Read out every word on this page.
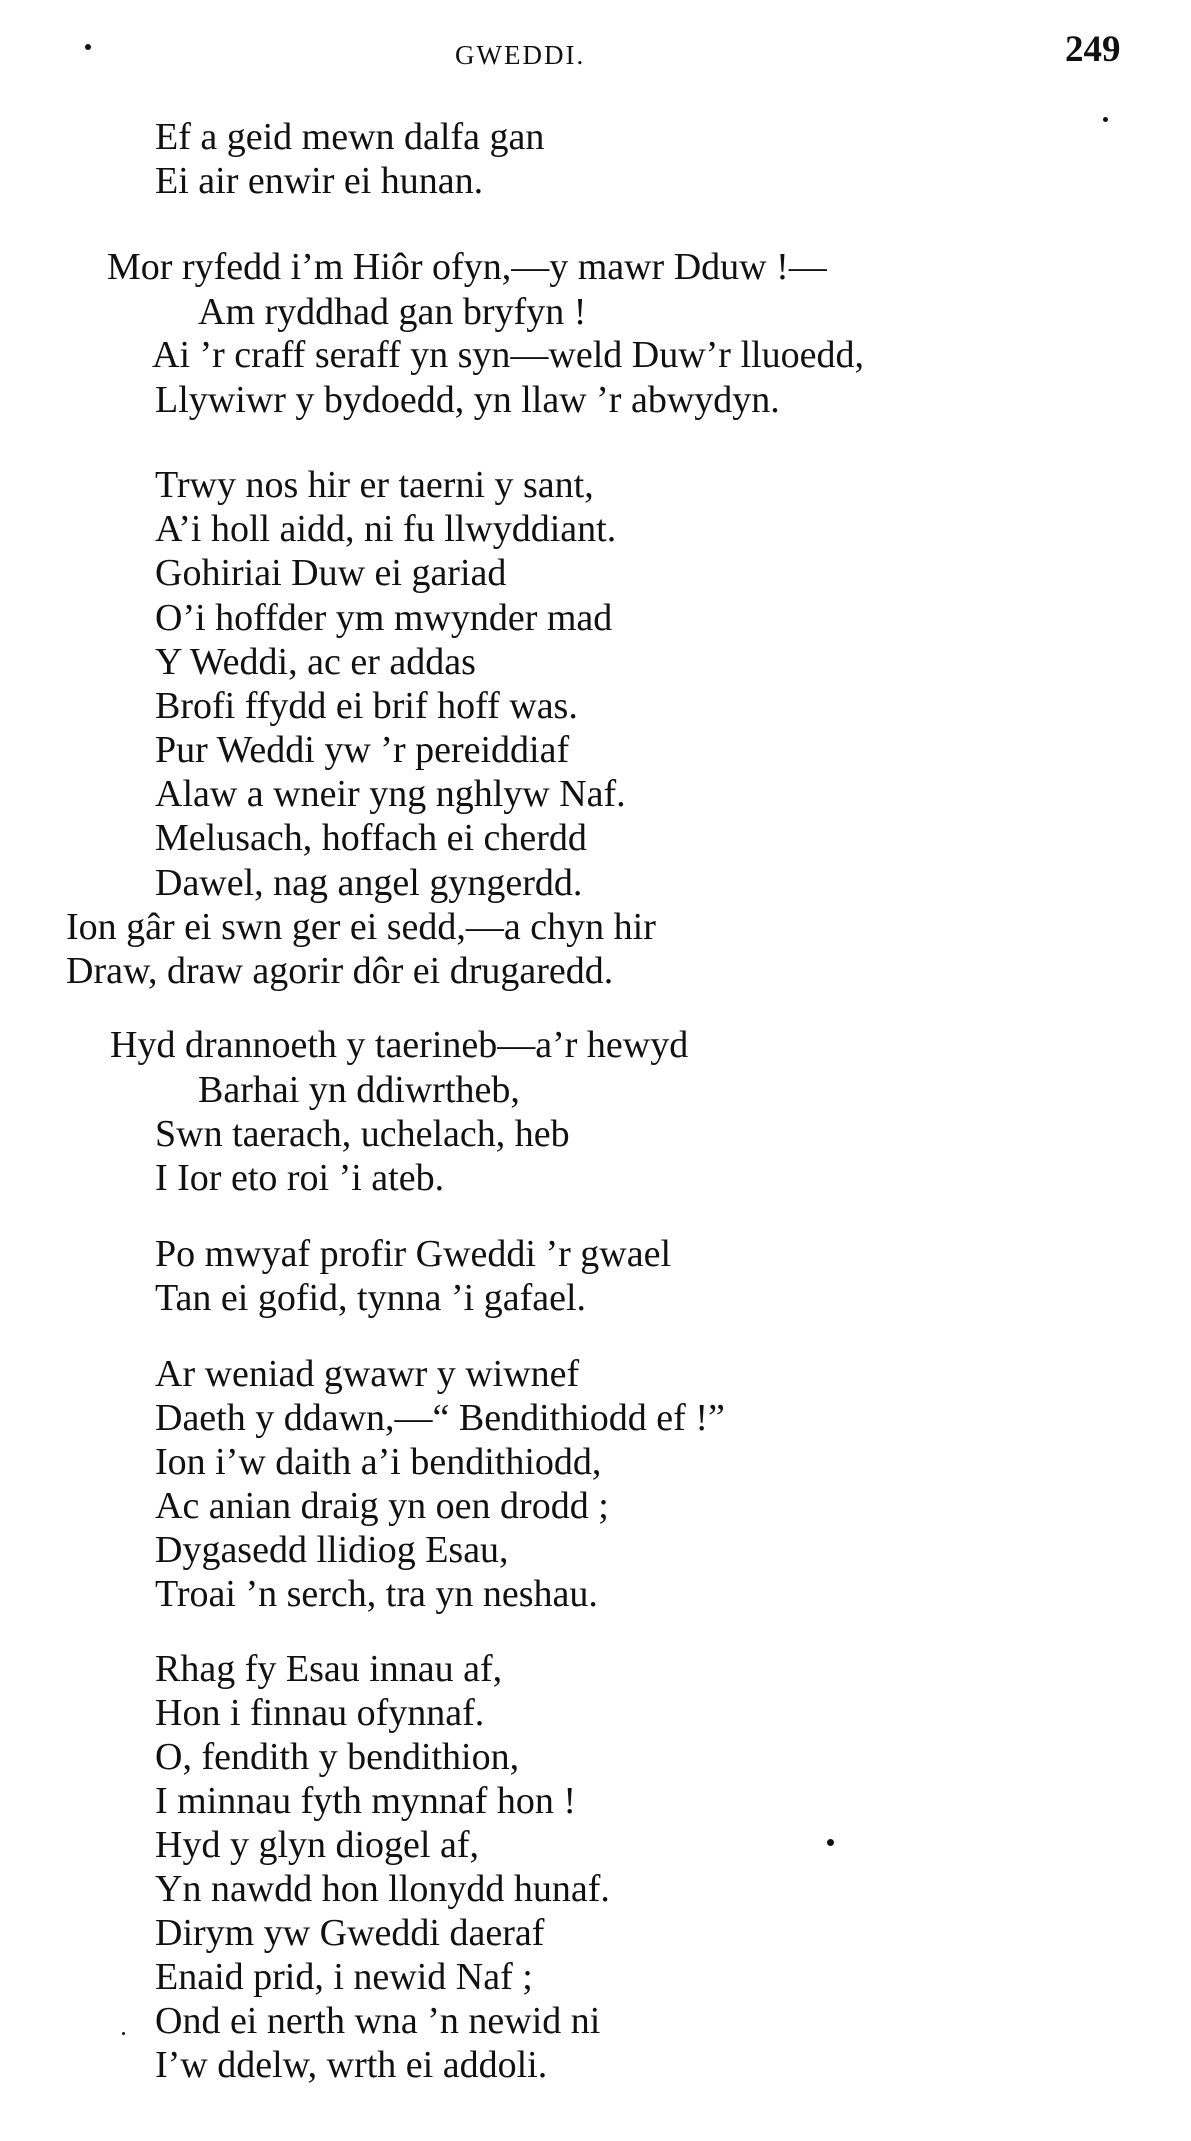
GWEDDI.	249
Ef a geid mewn dalfa gan
Ei air enwir ei hunan.
Mor ryfedd i’m Hiôr ofyn,—y mawr Dduw !—
Am ryddhad gan bryfyn !
Ai ’r craff seraff yn syn—weld Duw’r lluoedd,
Llywiwr y bydoedd, yn llaw ’r abwydyn.
Trwy nos hir er taerni y sant,
A’i holl aidd, ni fu llwyddiant.
Gohiriai Duw ei gariad
O’i hoffder ym mwynder mad
Y Weddi, ac er addas
Brofi ffydd ei brif hoff was.
Pur Weddi yw ’r pereiddiaf
Alaw a wneir yng nghlyw Naf.
Melusach, hoffach ei cherdd
Dawel, nag angel gyngerdd.
Ion gâr ei swn ger ei sedd,—a chyn hir
Draw, draw agorir dôr ei drugaredd.
Hyd drannoeth y taerineb—a’r hewyd
Barhai yn ddiwrtheb,
Swn taerach, uchelach, heb
I Ior eto roi ’i ateb.
Po mwyaf profir Gweddi ’r gwael
Tan ei gofid, tynna ’i gafael.
Ar weniad gwawr y wiwnef
Daeth y ddawn,—“ Bendithiodd ef !”
Ion i’w daith a’i bendithiodd,
Ac anian draig yn oen drodd ;
Dygasedd llidiog Esau,
Troai ’n serch, tra yn neshau.
Rhag fy Esau innau af,
Hon i finnau ofynnaf.
O, fendith y bendithion,
I minnau fyth mynnaf hon !
Hyd y glyn diogel af,
Yn nawdd hon llonydd hunaf.
Dirym yw Gweddi daeraf
Enaid prid, i newid Naf ;
Ond ei nerth wna ’n newid ni
I’w ddelw, wrth ei addoli.
